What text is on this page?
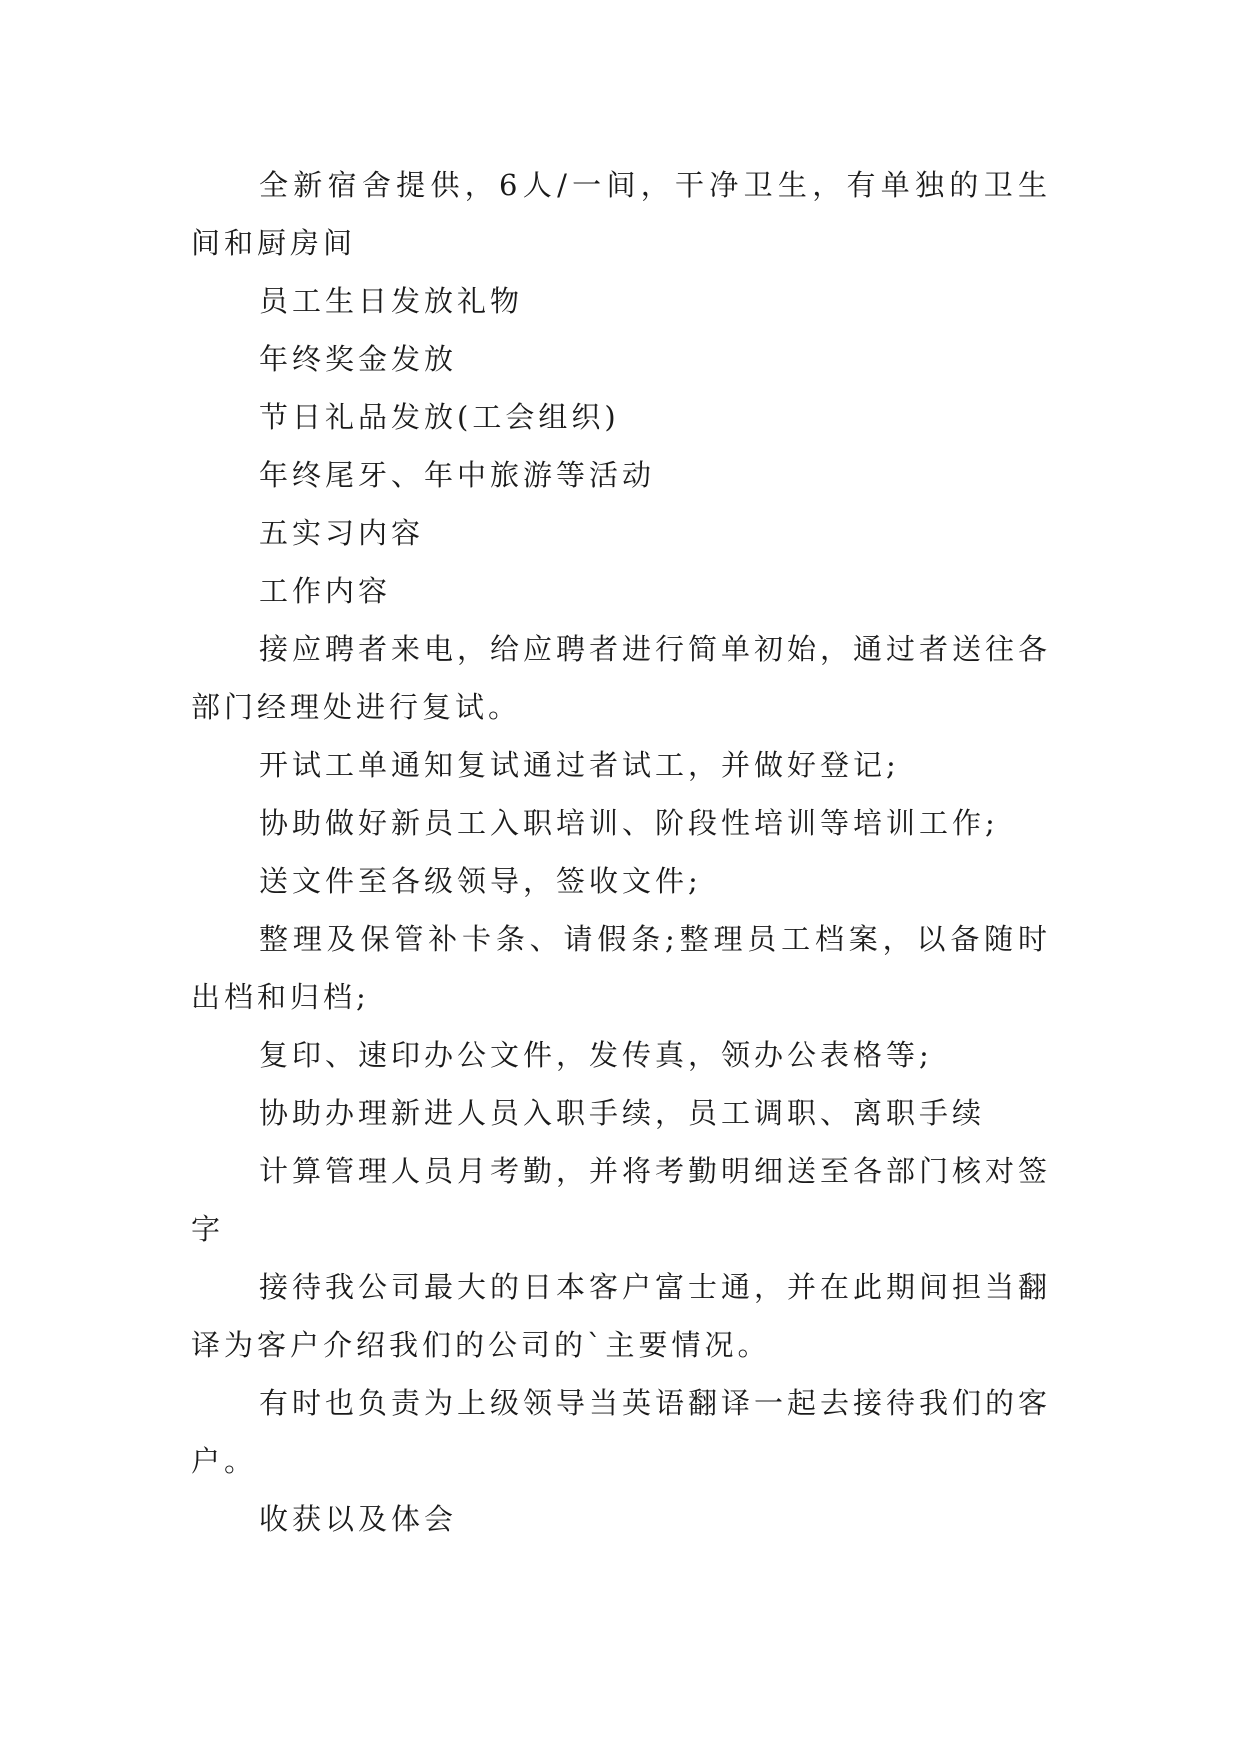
全新宿舍提供，6人/一间，干净卫生，有单独的卫生间和厨房间

员工生日发放礼物

年终奖金发放

节日礼品发放(工会组织)

年终尾牙、年中旅游等活动

五实习内容

工作内容

接应聘者来电，给应聘者进行简单初始，通过者送往各部门经理处进行复试。

开试工单通知复试通过者试工，并做好登记;

协助做好新员工入职培训、阶段性培训等培训工作;

送文件至各级领导，签收文件;

整理及保管补卡条、请假条;整理员工档案，以备随时出档和归档;

复印、速印办公文件，发传真，领办公表格等;

协助办理新进人员入职手续，员工调职、离职手续

计算管理人员月考勤，并将考勤明细送至各部门核对签字

接待我公司最大的日本客户富士通，并在此期间担当翻译为客户介绍我们的公司的`主要情况。

有时也负责为上级领导当英语翻译一起去接待我们的客户。

收获以及体会
